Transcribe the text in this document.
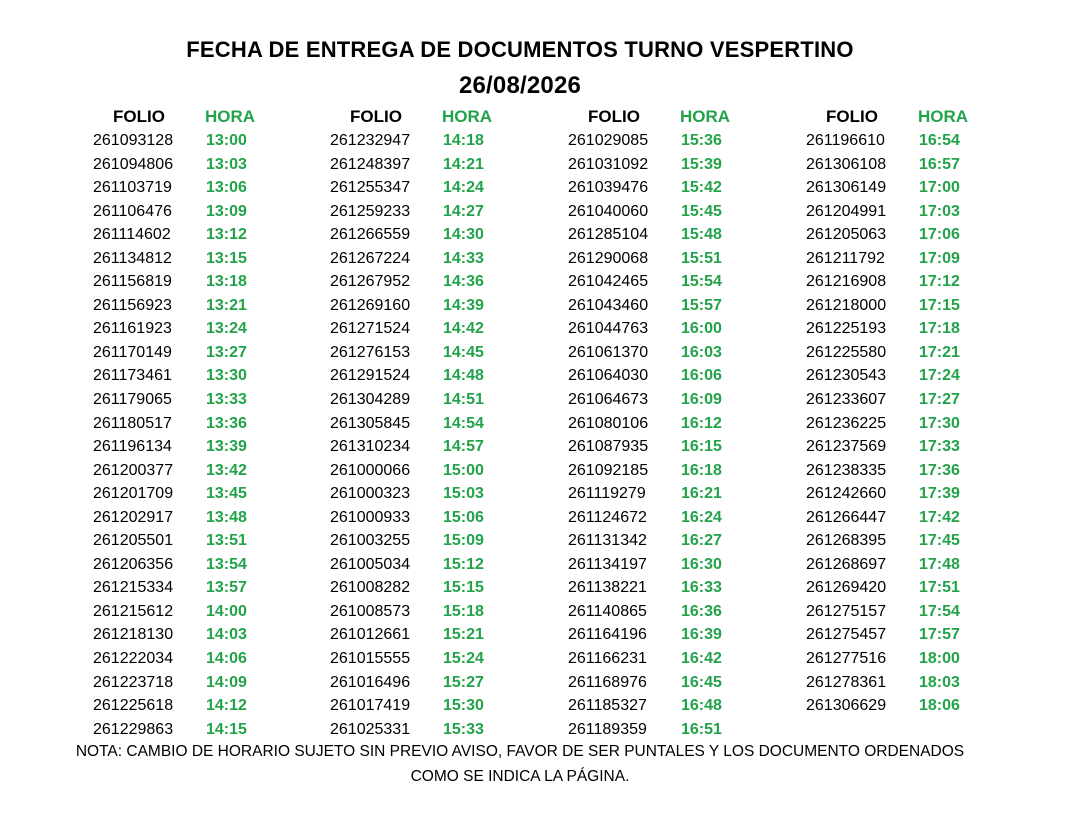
FECHA DE ENTREGA DE DOCUMENTOS TURNO VESPERTINO
26/08/2026
FOLIO HORA
261093128 13:00
261094806 13:03
261103719 13:06
261106476 13:09
261114602 13:12
261134812 13:15
261156819 13:18
261156923 13:21
261161923 13:24
261170149 13:27
261173461 13:30
261179065 13:33
261180517 13:36
261196134 13:39
261200377 13:42
261201709 13:45
261202917 13:48
261205501 13:51
261206356 13:54
261215334 13:57
261215612 14:00
261218130 14:03
261222034 14:06
261223718 14:09
261225618 14:12
261229863 14:15
FOLIO HORA
261232947 14:18
261248397 14:21
261255347 14:24
261259233 14:27
261266559 14:30
261267224 14:33
261267952 14:36
261269160 14:39
261271524 14:42
261276153 14:45
261291524 14:48
261304289 14:51
261305845 14:54
261310234 14:57
261000066 15:00
261000323 15:03
261000933 15:06
261003255 15:09
261005034 15:12
261008282 15:15
261008573 15:18
261012661 15:21
261015555 15:24
261016496 15:27
261017419 15:30
261025331 15:33
FOLIO HORA
261029085 15:36
261031092 15:39
261039476 15:42
261040060 15:45
261285104 15:48
261290068 15:51
261042465 15:54
261043460 15:57
261044763 16:00
261061370 16:03
261064030 16:06
261064673 16:09
261080106 16:12
261087935 16:15
261092185 16:18
261119279 16:21
261124672 16:24
261131342 16:27
261134197 16:30
261138221 16:33
261140865 16:36
261164196 16:39
261166231 16:42
261168976 16:45
261185327 16:48
261189359 16:51
FOLIO HORA
261196610 16:54
261306108 16:57
261306149 17:00
261204991 17:03
261205063 17:06
261211792 17:09
261216908 17:12
261218000 17:15
261225193 17:18
261225580 17:21
261230543 17:24
261233607 17:27
261236225 17:30
261237569 17:33
261238335 17:36
261242660 17:39
261266447 17:42
261268395 17:45
261268697 17:48
261269420 17:51
261275157 17:54
261275457 17:57
261277516 18:00
261278361 18:03
261306629 18:06
NOTA: CAMBIO DE HORARIO SUJETO SIN PREVIO AVISO, FAVOR DE SER PUNTALES Y LOS DOCUMENTO ORDENADOS
COMO SE INDICA LA PÁGINA.
